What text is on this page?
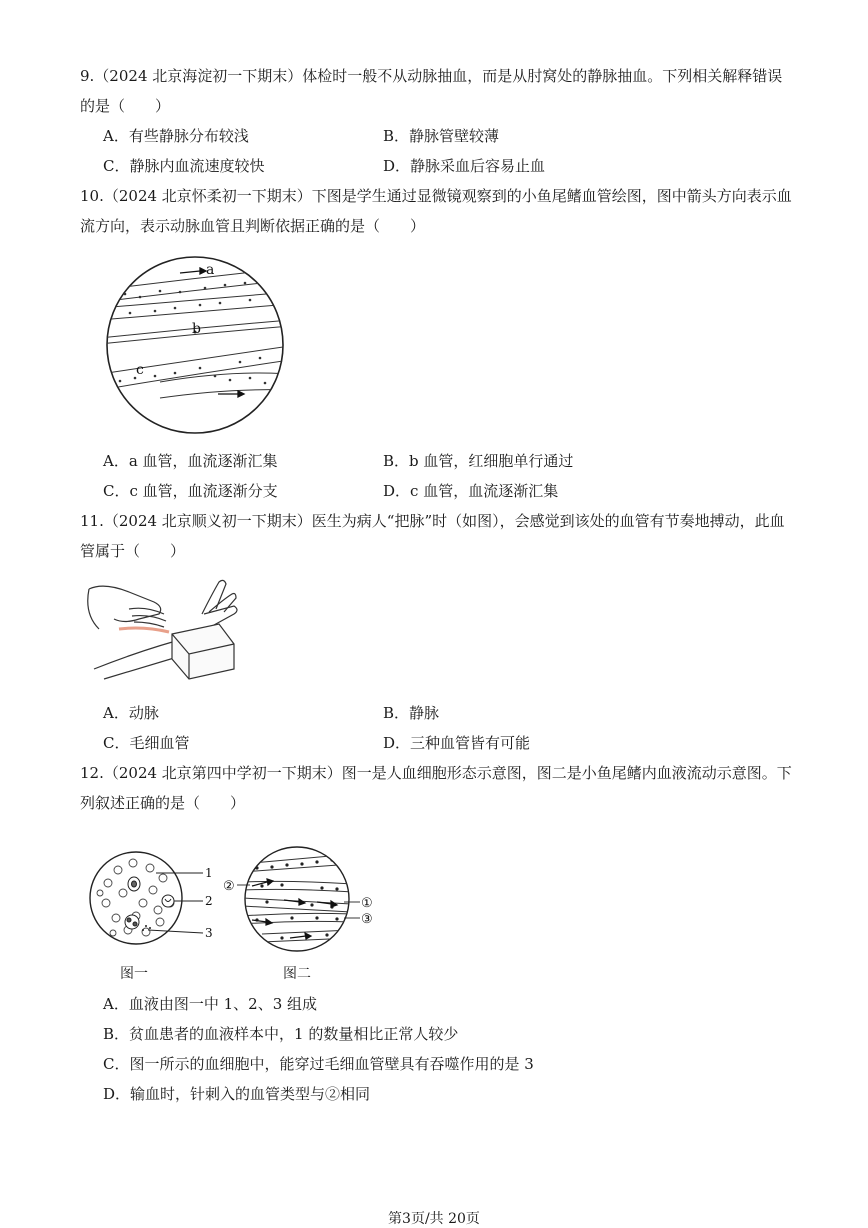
9.（2024 北京海淀初一下期末）体检时一般不从动脉抽血，而是从肘窝处的静脉抽血。下列相关解释错误
的是（　　）
A．有些静脉分布较浅	B．静脉管壁较薄
C．静脉内血流速度较快	D．静脉采血后容易止血
10.（2024 北京怀柔初一下期末）下图是学生通过显微镜观察到的小鱼尾鳍血管绘图，图中箭头方向表示血
流方向，表示动脉血管且判断依据正确的是（　　）
a
b
c
A．a 血管，血流逐渐汇集	B．b 血管，红细胞单行通过
C．c 血管，血流逐渐分支	D．c 血管，血流逐渐汇集
11.（2024 北京顺义初一下期末）医生为病人“把脉”时（如图），会感觉到该处的血管有节奏地搏动，此血
管属于（　　）
A．动脉	B．静脉
C．毛细血管	D．三种血管皆有可能
12.（2024 北京第四中学初一下期末）图一是人血细胞形态示意图，图二是小鱼尾鳍内血液流动示意图。下
列叙述正确的是（　　）
1
2
3
②
①
③
图一	图二
A．血液由图一中 1、2、3 组成
B．贫血患者的血液样本中，1 的数量相比正常人较少
C．图一所示的血细胞中，能穿过毛细血管壁具有吞噬作用的是 3
D．输血时，针刺入的血管类型与②相同
第3页/共 20页
